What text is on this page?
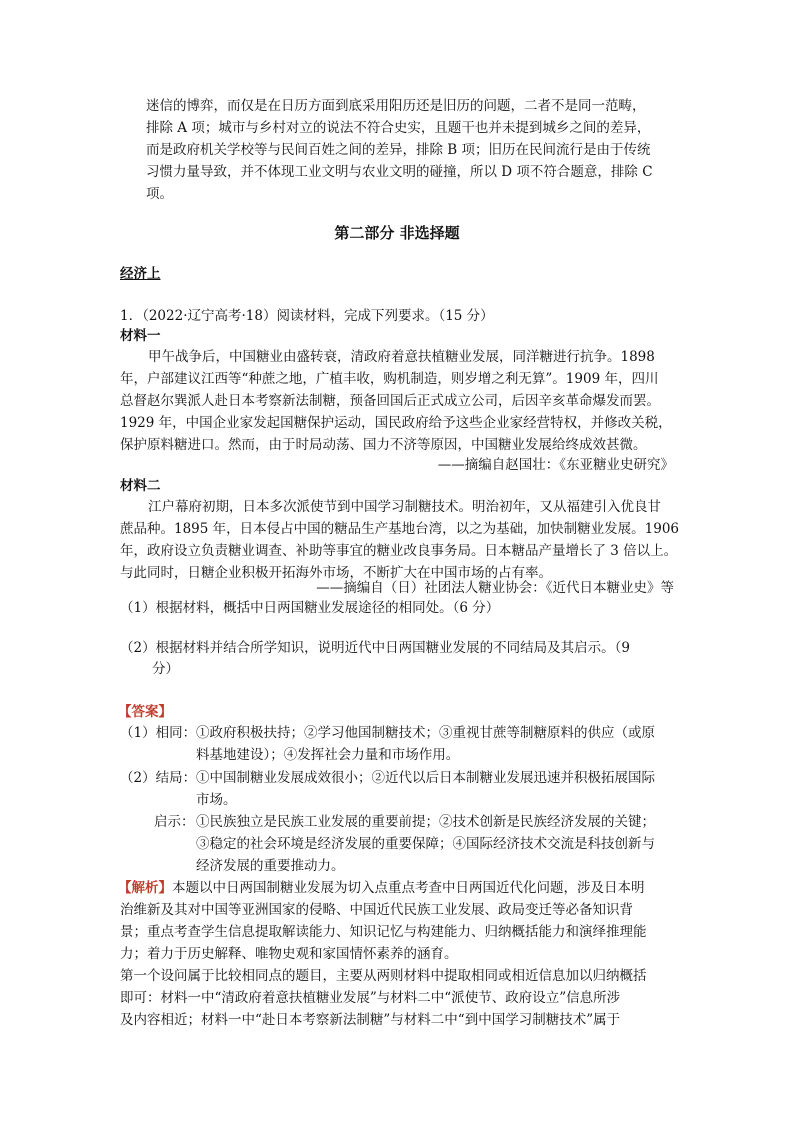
迷信的博弈，而仅是在日历方面到底采用阳历还是旧历的问题，二者不是同一范畴，
排除 A 项；城市与乡村对立的说法不符合史实，且题干也并未提到城乡之间的差异，
而是政府机关学校等与民间百姓之间的差异，排除 B 项；旧历在民间流行是由于传统
习惯力量导致，并不体现工业文明与农业文明的碰撞，所以 D 项不符合题意，排除 C
项。
第二部分 非选择题
经济上
1．（2022·辽宁高考·18）阅读材料，完成下列要求。（15 分）
材料一
甲午战争后，中国糖业由盛转衰，清政府着意扶植糖业发展，同洋糖进行抗争。1898
年，户部建议江西等“种蔗之地，广植丰收，购机制造，则岁增之利无算”。1909 年，四川
总督赵尔巽派人赴日本考察新法制糖，预备回国后正式成立公司，后因辛亥革命爆发而罢。
1929 年，中国企业家发起国糖保护运动，国民政府给予这些企业家经营特权，并修改关税，
保护原料糖进口。然而，由于时局动荡、国力不济等原因，中国糖业发展给终成效甚微。
——摘编自赵国壮：《东亚糖业史研究》
材料二
江户幕府初期，日本多次派使节到中国学习制糖技术。明治初年，又从福建引入优良甘
蔗品种。1895 年，日本侵占中国的糖品生产基地台湾，以之为基础，加快制糖业发展。1906
年，政府设立负责糖业调查、补助等事宜的糖业改良事务局。日本糖品产量增长了 3 倍以上。
与此同时，日糖企业积极开拓海外市场，不断扩大在中国市场的占有率。
——摘编自（日）社团法人糖业协会：《近代日本糖业史》等
（1）根据材料，概括中日两国糖业发展途径的相同处。（6 分）
（2）根据材料并结合所学知识，说明近代中日两国糖业发展的不同结局及其启示。（9
分）
【答案】
（1）相同： ①政府积极扶持；②学习他国制糖技术；③重视甘蔗等制糖原料的供应（或原
料基地建设）；④发挥社会力量和市场作用。
（2）结局： ①中国制糖业发展成效很小；②近代以后日本制糖业发展迅速并积极拓展国际
市场。
启示： ①民族独立是民族工业发展的重要前提；②技术创新是民族经济发展的关键；
③稳定的社会环境是经济发展的重要保障；④国际经济技术交流是科技创新与
经济发展的重要推动力。
【解析】本题以中日两国制糖业发展为切入点重点考查中日两国近代化问题，涉及日本明
治维新及其对中国等亚洲国家的侵略、中国近代民族工业发展、政局变迁等必备知识背
景；重点考查学生信息提取解读能力、知识记忆与构建能力、归纳概括能力和演绎推理能
力；着力于历史解释、唯物史观和家国情怀素养的涵育。
第一个设问属于比较相同点的题目，主要从两则材料中提取相同或相近信息加以归纳概括
即可：材料一中“清政府着意扶植糖业发展”与材料二中“派使节、政府设立”信息所涉
及内容相近；材料一中“赴日本考察新法制糖”与材料二中“到中国学习制糖技术”属于
